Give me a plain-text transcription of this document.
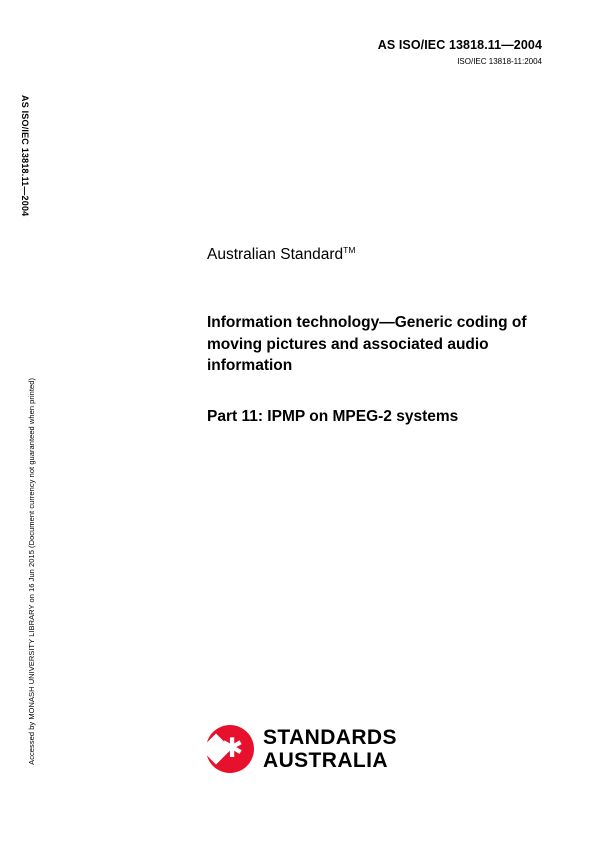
AS ISO/IEC 13818.11—2004
ISO/IEC 13818-11:2004
AS ISO/IEC 13818.11—2004
Accessed by MONASH UNIVERSITY LIBRARY on 16 Jun 2015 (Document currency not guaranteed when printed)
Australian Standard™
Information technology—Generic coding of moving pictures and associated audio information
Part 11: IPMP on MPEG-2 systems
✱ STANDARDS
AUSTRALIA
